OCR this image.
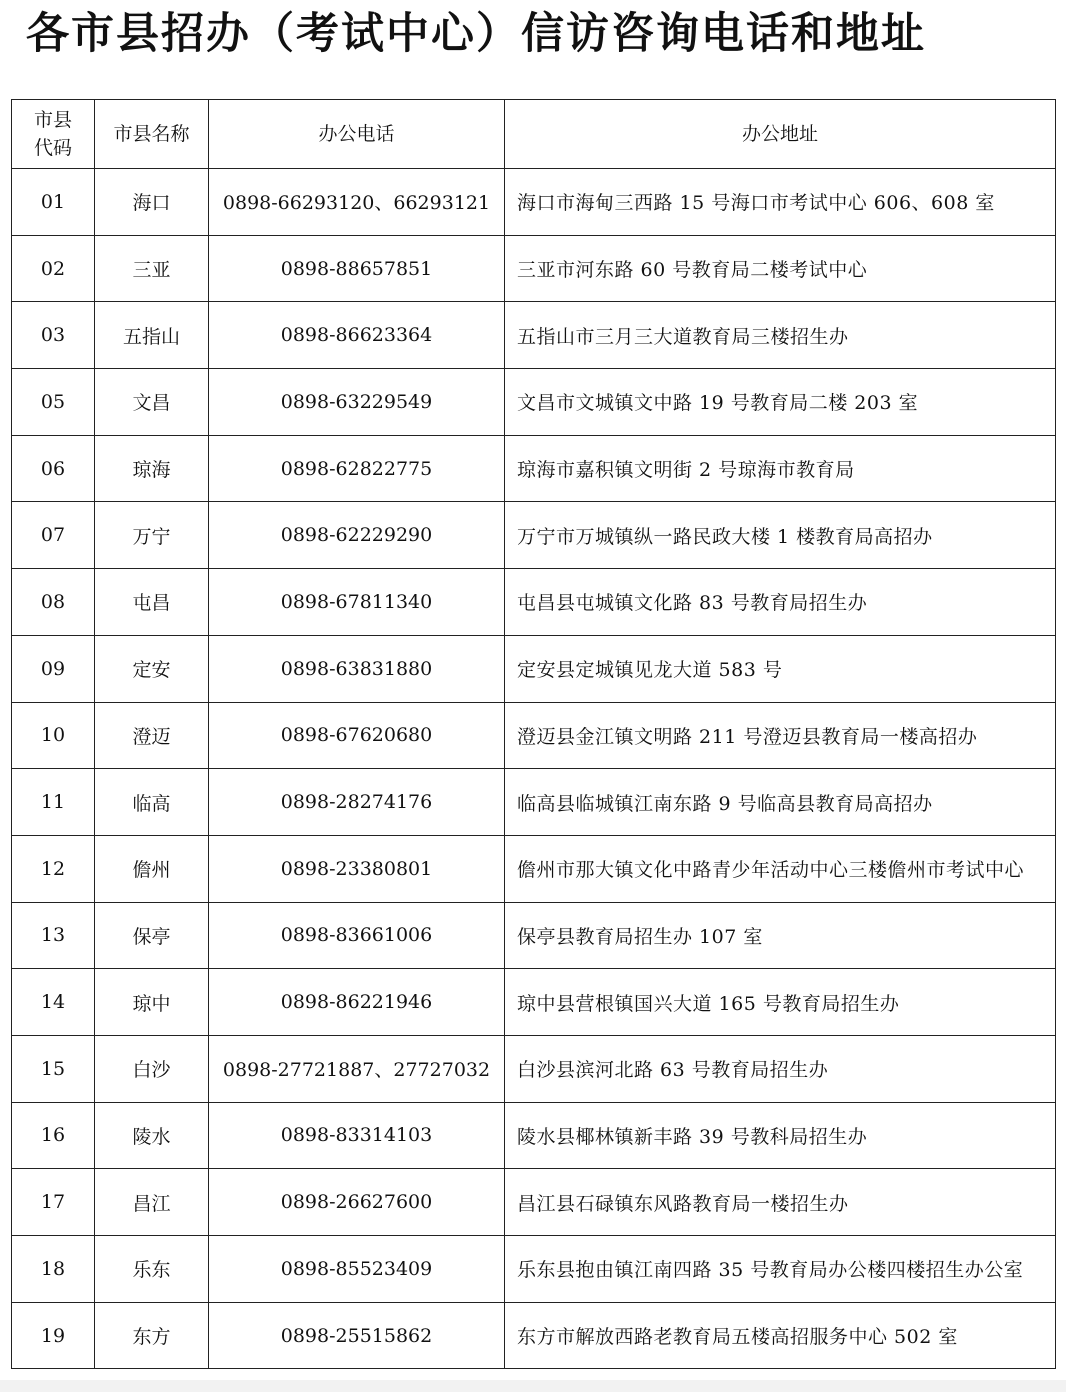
各市县招办（考试中心）信访咨询电话和地址
市县
代码	市县名称	办公电话	办公地址
01	海口	0898-66293120、66293121	海口市海甸三西路 15 号海口市考试中心 606、608 室
02	三亚	0898-88657851	三亚市河东路 60 号教育局二楼考试中心
03	五指山	0898-86623364	五指山市三月三大道教育局三楼招生办
05	文昌	0898-63229549	文昌市文城镇文中路 19 号教育局二楼 203 室
06	琼海	0898-62822775	琼海市嘉积镇文明街 2 号琼海市教育局
07	万宁	0898-62229290	万宁市万城镇纵一路民政大楼 1 楼教育局高招办
08	屯昌	0898-67811340	屯昌县屯城镇文化路 83 号教育局招生办
09	定安	0898-63831880	定安县定城镇见龙大道 583 号
10	澄迈	0898-67620680	澄迈县金江镇文明路 211 号澄迈县教育局一楼高招办
11	临高	0898-28274176	临高县临城镇江南东路 9 号临高县教育局高招办
12	儋州	0898-23380801	儋州市那大镇文化中路青少年活动中心三楼儋州市考试中心
13	保亭	0898-83661006	保亭县教育局招生办 107 室
14	琼中	0898-86221946	琼中县营根镇国兴大道 165 号教育局招生办
15	白沙	0898-27721887、27727032	白沙县滨河北路 63 号教育局招生办
16	陵水	0898-83314103	陵水县椰林镇新丰路 39 号教科局招生办
17	昌江	0898-26627600	昌江县石碌镇东风路教育局一楼招生办
18	乐东	0898-85523409	乐东县抱由镇江南四路 35 号教育局办公楼四楼招生办公室
19	东方	0898-25515862	东方市解放西路老教育局五楼高招服务中心 502 室
